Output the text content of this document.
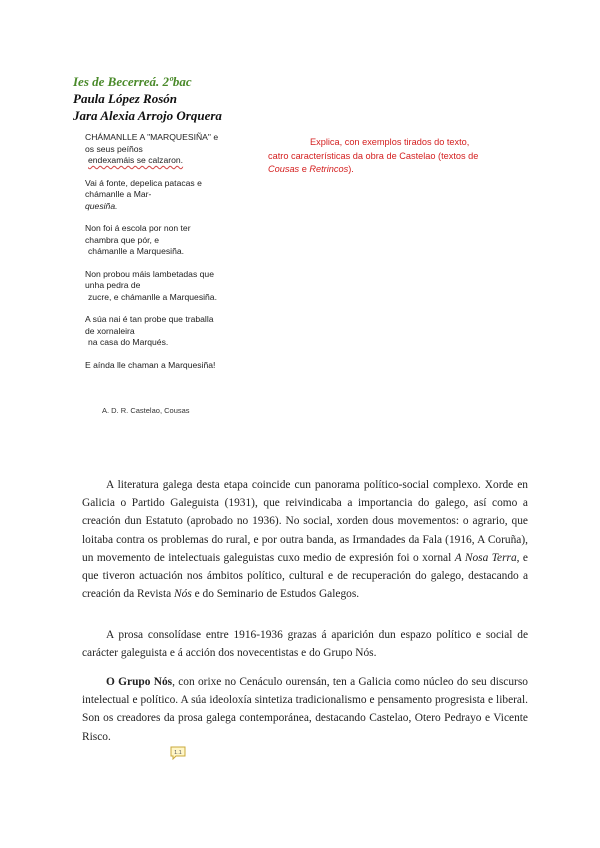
Ies de Becerreá. 2ºbac
Paula López Rosón
Jara Alexia Arrojo Orquera
CHÁMANLLE A "MARQUESIÑA" e
os seus peíños
endexamáis se calzaron.
Vai á fonte, depelica patacas e
chámanlle a Mar-
quesiña.
Non foi á escola por non ter
chambra que pór, e
chámanlle a Marquesiña.
Non probou máis lambetadas que
unha pedra de
zucre, e chámanlle a Marquesiña.
A súa nai é tan probe que traballa
de xornaleira
na casa do Marqués.
E aínda lle chaman a Marquesiña!
A. D. R. Castelao, Cousas
Explica, con exemplos tirados do texto,
catro características da obra de Castelao (textos de
Cousas e Retrincos).

A literatura galega desta etapa coincide cun panorama político-social complexo. Xorde en Galicia o Partido Galeguista (1931), que reivindicaba a importancia do galego, así como a creación dun Estatuto (aprobado no 1936). No social, xorden dous movementos: o agrario, que loitaba contra os problemas do rural, e por outra banda, as Irmandades da Fala (1916, A Coruña), un movemento de intelectuais galeguistas cuxo medio de expresión foi o xornal A Nosa Terra, e que tiveron actuación nos ámbitos político, cultural e de recuperación do galego, destacando a creación da Revista Nós e do Seminario de Estudos Galegos.

A prosa consolídase entre 1916-1936 grazas á aparición dun espazo político e social de carácter galeguista e á acción dos novecentistas e do Grupo Nós.

O Grupo Nós, con orixe no Cenáculo ourensán, ten a Galicia como núcleo do seu discurso intelectual e político. A súa ideoloxía sintetiza tradicionalismo e pensamento progresista e liberal. Son os creadores da prosa galega contemporánea, destacando Castelao, Otero Pedrayo e Vicente Risco.

1.1
